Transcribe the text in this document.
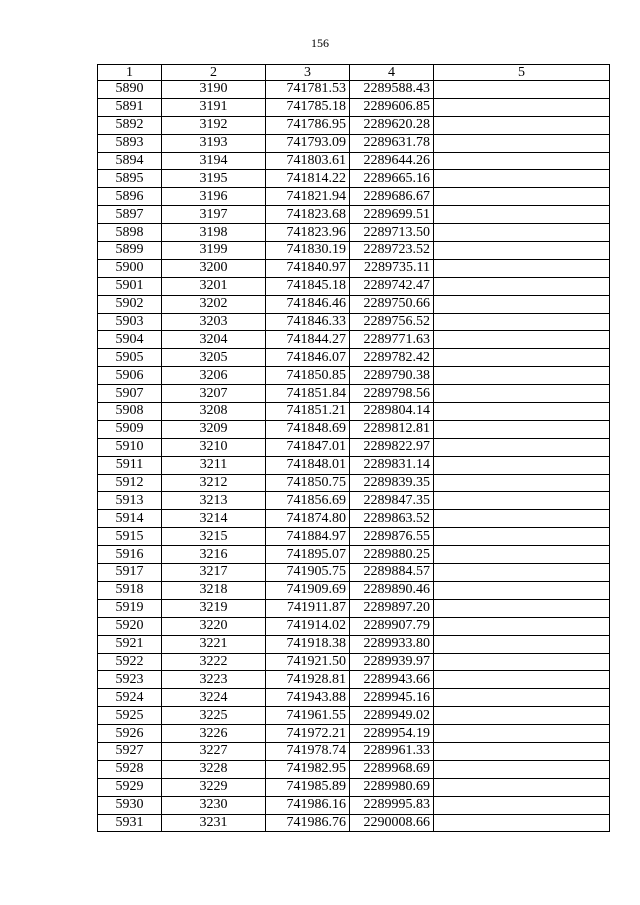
156
1	2	3	4	5
5890	3190	741781.53	2289588.43	
5891	3191	741785.18	2289606.85	
5892	3192	741786.95	2289620.28	
5893	3193	741793.09	2289631.78	
5894	3194	741803.61	2289644.26	
5895	3195	741814.22	2289665.16	
5896	3196	741821.94	2289686.67	
5897	3197	741823.68	2289699.51	
5898	3198	741823.96	2289713.50	
5899	3199	741830.19	2289723.52	
5900	3200	741840.97	2289735.11	
5901	3201	741845.18	2289742.47	
5902	3202	741846.46	2289750.66	
5903	3203	741846.33	2289756.52	
5904	3204	741844.27	2289771.63	
5905	3205	741846.07	2289782.42	
5906	3206	741850.85	2289790.38	
5907	3207	741851.84	2289798.56	
5908	3208	741851.21	2289804.14	
5909	3209	741848.69	2289812.81	
5910	3210	741847.01	2289822.97	
5911	3211	741848.01	2289831.14	
5912	3212	741850.75	2289839.35	
5913	3213	741856.69	2289847.35	
5914	3214	741874.80	2289863.52	
5915	3215	741884.97	2289876.55	
5916	3216	741895.07	2289880.25	
5917	3217	741905.75	2289884.57	
5918	3218	741909.69	2289890.46	
5919	3219	741911.87	2289897.20	
5920	3220	741914.02	2289907.79	
5921	3221	741918.38	2289933.80	
5922	3222	741921.50	2289939.97	
5923	3223	741928.81	2289943.66	
5924	3224	741943.88	2289945.16	
5925	3225	741961.55	2289949.02	
5926	3226	741972.21	2289954.19	
5927	3227	741978.74	2289961.33	
5928	3228	741982.95	2289968.69	
5929	3229	741985.89	2289980.69	
5930	3230	741986.16	2289995.83	
5931	3231	741986.76	2290008.66	
